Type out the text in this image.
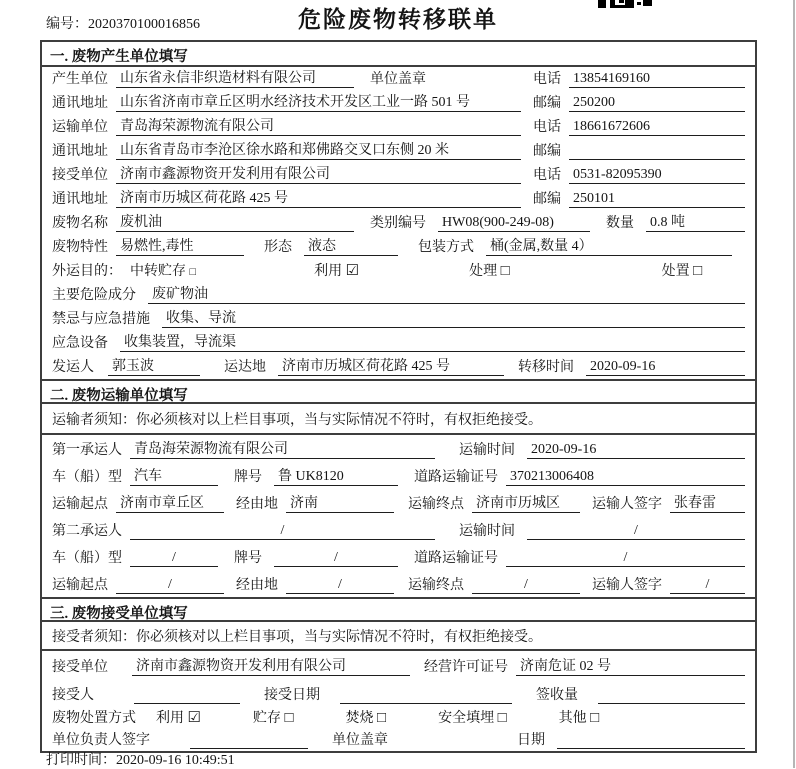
编号：2020370100016856	危险废物转移联单
一. 废物产生单位填写
产生单位 山东省永信非织造材料有限公司	单位盖章	电话 13854169160
通讯地址 山东省济南市章丘区明水经济技术开发区工业一路 501 号	邮编 250200
运输单位 青岛海荣源物流有限公司	电话 18661672606
通讯地址 山东省青岛市李沧区徐水路和郑佛路交叉口东侧 20 米	邮编
接受单位 济南市鑫源物资开发利用有限公司	电话 0531-82095390
通讯地址 济南市历城区荷花路 425 号	邮编 250101
废物名称 废机油	类别编号 HW08(900-249-08)	数量 0.8 吨
废物特性 易燃性,毒性	形态 液态	包装方式 桶(金属,数量 4）
外运目的： 中转贮存 □	利用 ☑	处理 □	处置 □
主要危险成分 废矿物油
禁忌与应急措施 收集、导流
应急设备 收集装置，导流渠
发运人 郭玉波	运达地 济南市历城区荷花路 425 号	转移时间 2020-09-16
二. 废物运输单位填写
运输者须知：你必须核对以上栏目事项，当与实际情况不符时，有权拒绝接受。
第一承运人 青岛海荣源物流有限公司	运输时间 2020-09-16
车（船）型 汽车	牌号 鲁 UK8120	道路运输证号 370213006408
运输起点 济南市章丘区	经由地 济南	运输终点 济南市历城区	运输人签字 张春雷
第二承运人	/	运输时间	/
车（船）型	/	牌号	/	道路运输证号	/
运输起点	/	经由地	/	运输终点	/	运输人签字	/
三. 废物接受单位填写
接受者须知：你必须核对以上栏目事项，当与实际情况不符时，有权拒绝接受。
接受单位 济南市鑫源物资开发利用有限公司	经营许可证号 济南危证 02 号
接受人	接受日期	签收量
废物处置方式 利用 ☑	贮存 □	焚烧 □	安全填埋 □	其他 □
单位负责人签字	单位盖章	日期
打印时间：2020-09-16 10:49:51
